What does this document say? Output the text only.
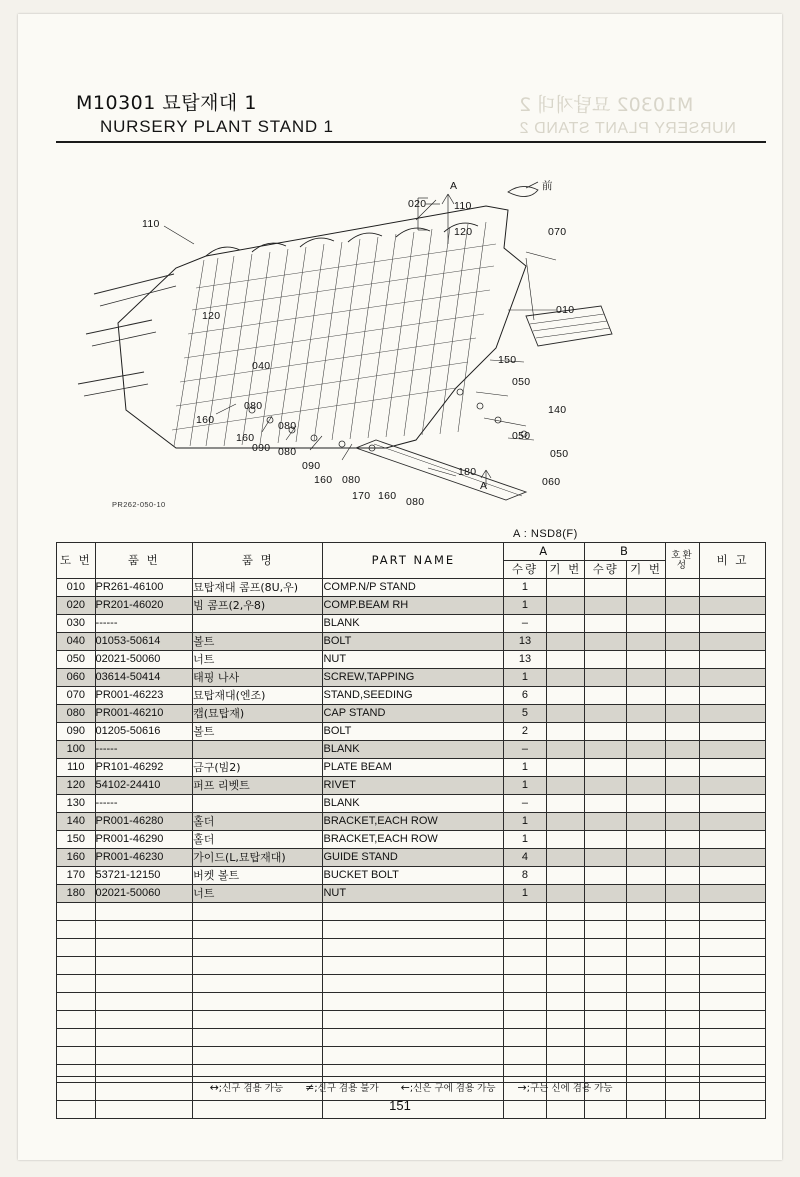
M10302 묘탑재대 2
NURSERY PLANT STAND 2
M10301 묘탑재대 1
NURSERY PLANT STAND 1
110
020	110
120	070
010
120
040	150
050
140
050
050
060
160
080
080
160
090 080
090
160 080
170 160 080
180
A
A
前
PR262-050-10
A : NSD8(F)
도 번	품 번	품 명	PART NAME	A		B		호환성	비 고
				수량	기 번	수량	기 번		
010	PR261-46100	묘탑재대 콤프(8U,우)	COMP.N/P STAND	1					
020	PR201-46020	빔 콤프(2,우8)	COMP.BEAM RH	1					
030	------		BLANK	–					
040	01053-50614	볼트	BOLT	13					
050	02021-50060	너트	NUT	13					
060	03614-50414	태핑 나사	SCREW,TAPPING	1					
070	PR001-46223	묘탑재대(엔조)	STAND,SEEDING	6					
080	PR001-46210	캡(묘탑재)	CAP STAND	5					
090	01205-50616	볼트	BOLT	2					
100	------		BLANK	–					
110	PR101-46292	금구(빔2)	PLATE BEAM	1					
120	54102-24410	퍼프 리벳트	RIVET	1					
130	------		BLANK	–					
140	PR001-46280	홀더	BRACKET,EACH ROW	1					
150	PR001-46290	홀더	BRACKET,EACH ROW	1					
160	PR001-46230	가이드(L,묘탑재대)	GUIDE STAND	4					
170	53721-12150	버켓 볼트	BUCKET BOLT	8					
180	02021-50060	너트	NUT	1					

↔;신구 겸용 가능 ≠;신구 겸용 불가 ←;신은 구에 겸용 가능 →;구는 신에 겸용 가능
151
